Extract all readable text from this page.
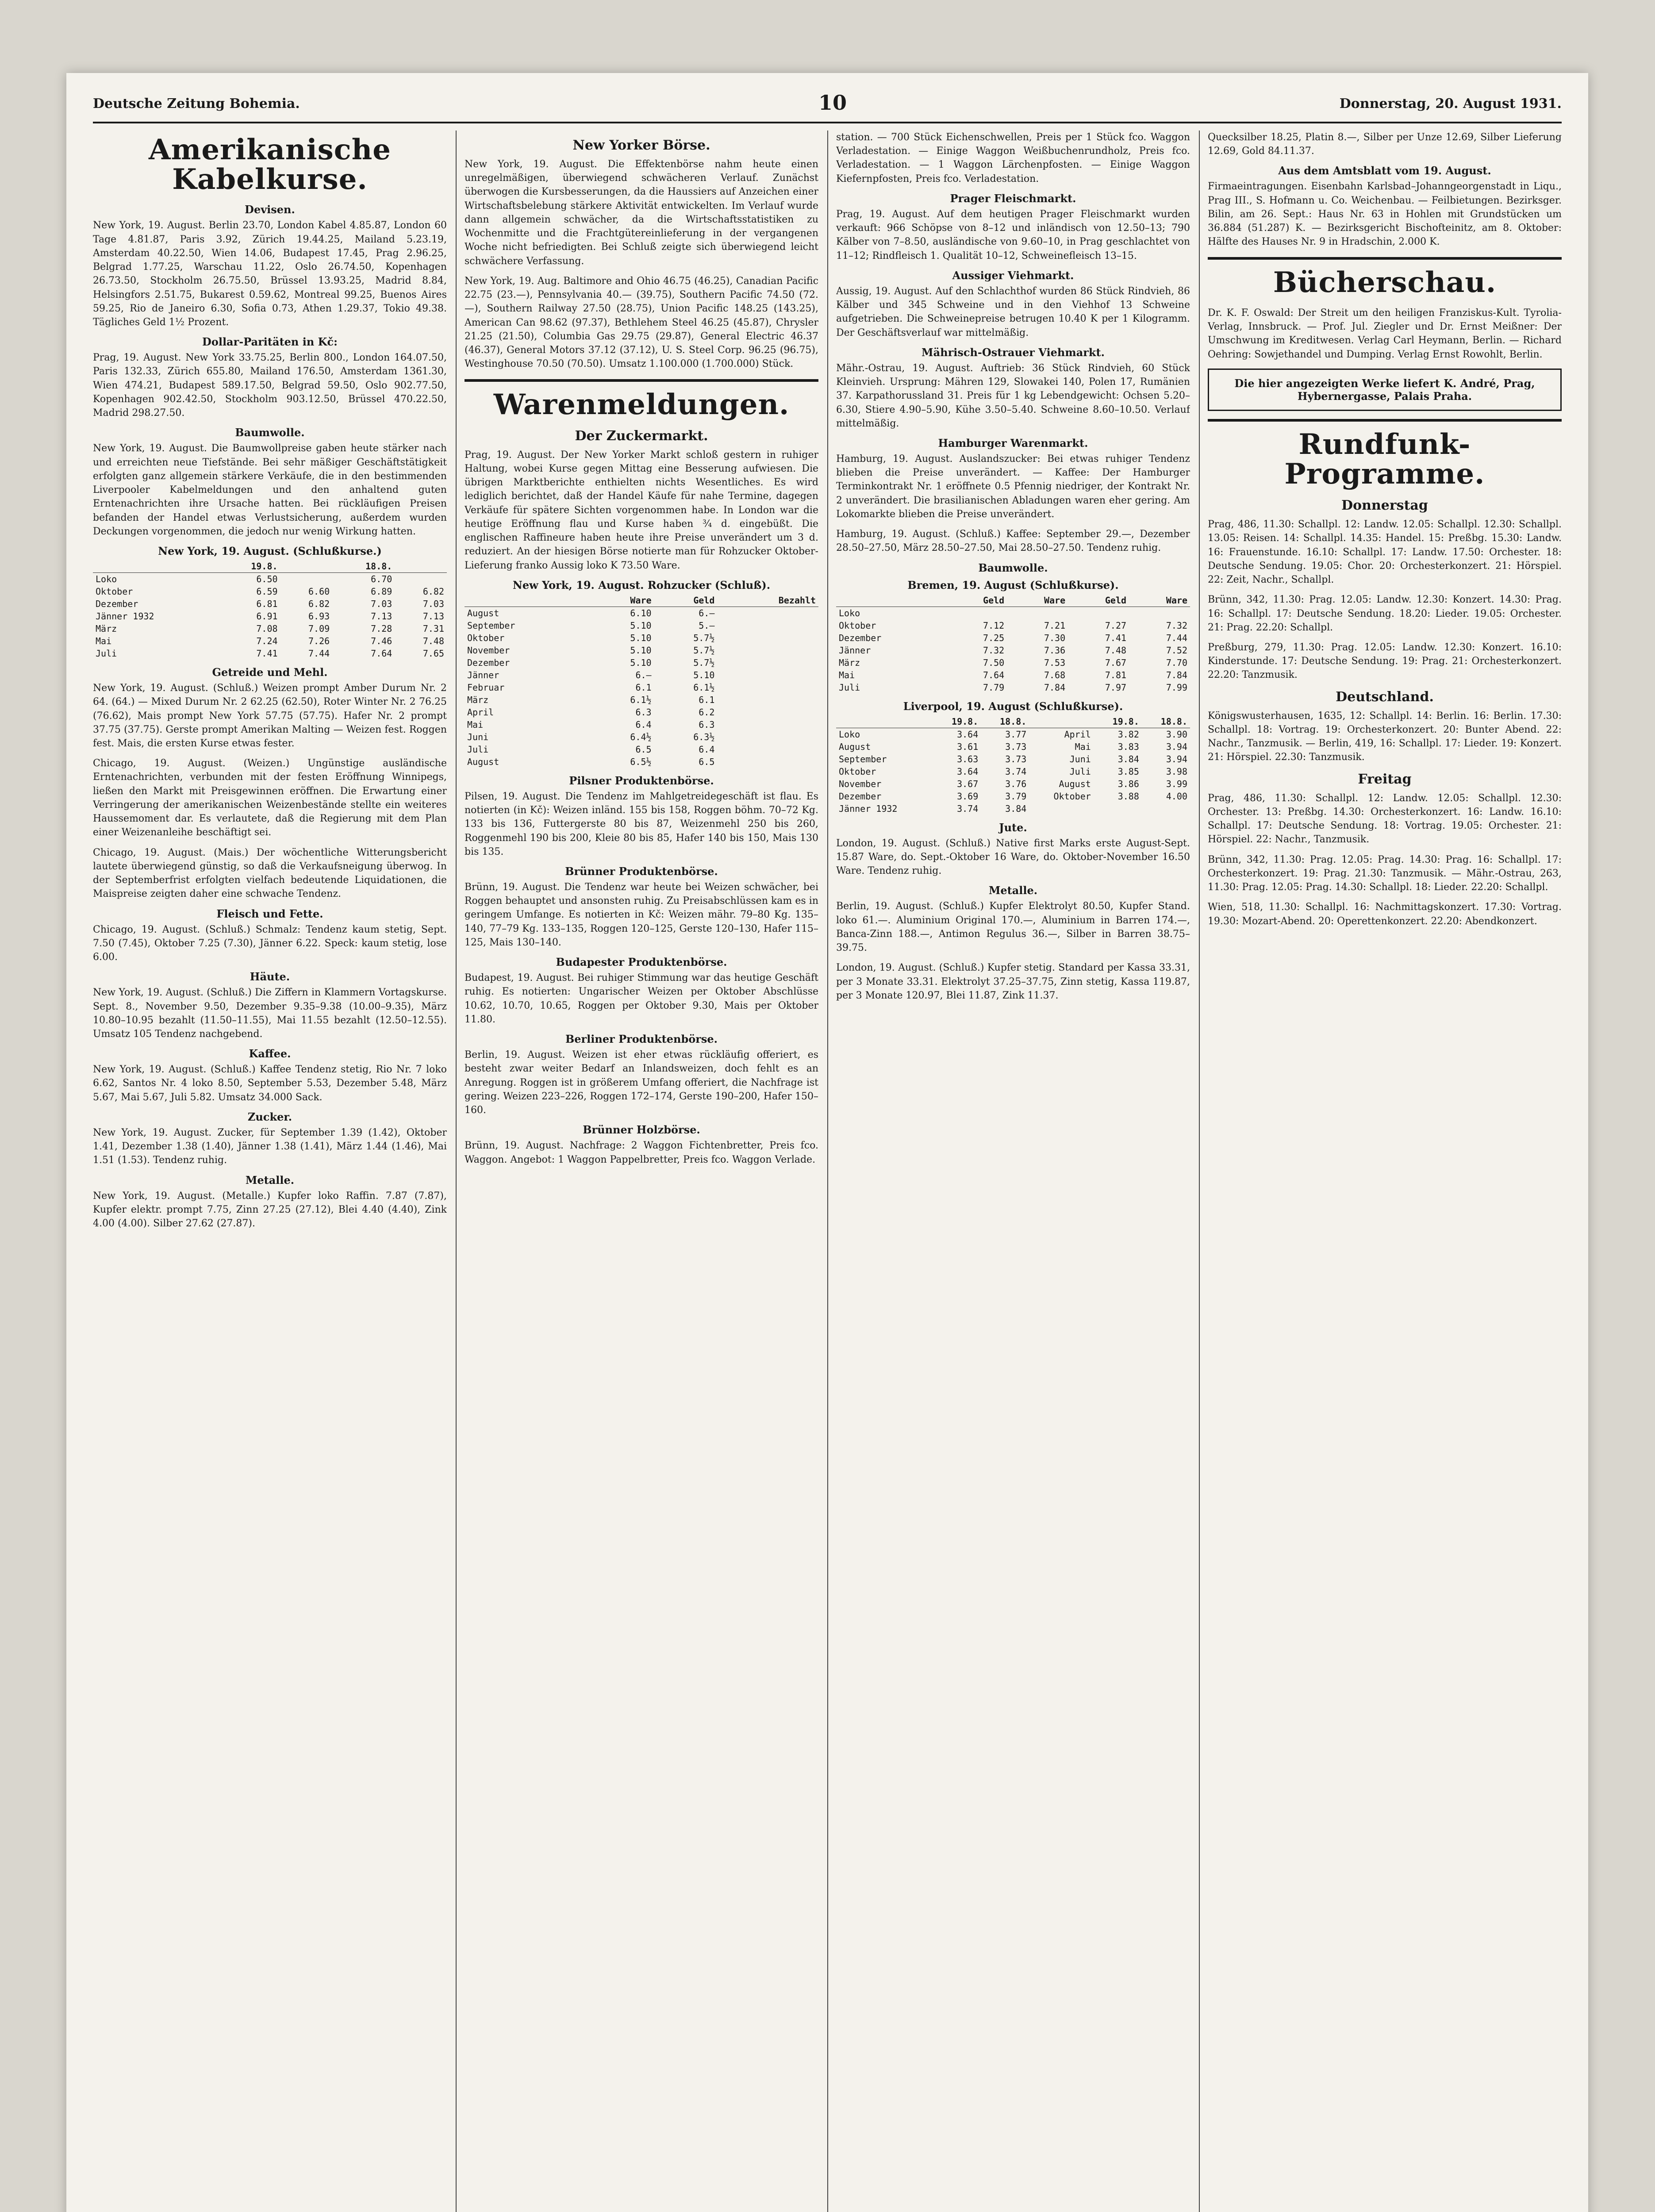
Deutsche Zeitung Bohemia.	10	Donnerstag, 20. August 1931.
Amerikanische Kabelkurse.
Devisen.

New York, 19. August. Berlin 23.70, London Kabel 4.85.87, London 60 Tage 4.81.87, Paris 3.92, Zürich 19.44.25, Mailand 5.23.19, Amsterdam 40.22.50, Wien 14.06, Budapest 17.45, Prag 2.96.25, Belgrad 1.77.25, Warschau 11.22, Oslo 26.74.50, Kopenhagen 26.73.50, Stockholm 26.75.50, Brüssel 13.93.25, Madrid 8.84, Helsingfors 2.51.75, Bukarest 0.59.62, Montreal 99.25, Buenos Aires 59.25, Rio de Janeiro 6.30, Sofia 0.73, Athen 1.29.37, Tokio 49.38. Tägliches Geld 1½ Prozent.

Dollar-Paritäten in Kč:

Prag, 19. August. New York 33.75.25, Berlin 800., London 164.07.50, Paris 132.33, Zürich 655.80, Mailand 176.50, Amsterdam 1361.30, Wien 474.21, Budapest 589.17.50, Belgrad 59.50, Oslo 902.77.50, Kopenhagen 902.42.50, Stockholm 903.12.50, Brüssel 470.22.50, Madrid 298.27.50.

Baumwolle.

New York, 19. August. Die Baumwollpreise gaben heute stärker nach und erreichten neue Tiefstände. Bei sehr mäßiger Geschäftstätigkeit erfolgten ganz allgemein stärkere Verkäufe, die in den bestimmenden Liverpooler Kabelmeldungen und den anhaltend guten Erntenachrichten ihre Ursache hatten. Bei rückläufigen Preisen befanden der Handel etwas Verlustsicherung, außerdem wurden Deckungen vorgenommen, die jedoch nur wenig Wirkung hatten.

New York, 19. August. (Schlußkurse.)
	19.8.		18.8.	
Loko	6.50		6.70	
Oktober	6.59	6.60	6.89	6.82
Dezember	6.81	6.82	7.03	7.03
Jänner 1932	6.91	6.93	7.13	7.13
März	7.08	7.09	7.28	7.31
Mai	7.24	7.26	7.46	7.48
Juli	7.41	7.44	7.64	7.65
Getreide und Mehl.

New York, 19. August. (Schluß.) Weizen prompt Amber Durum Nr. 2 64. (64.) — Mixed Durum Nr. 2 62.25 (62.50), Roter Winter Nr. 2 76.25 (76.62), Mais prompt New York 57.75 (57.75). Hafer Nr. 2 prompt 37.75 (37.75). Gerste prompt Amerikan Malting — Weizen fest. Roggen fest. Mais, die ersten Kurse etwas fester.

Chicago, 19. August. (Weizen.) Ungünstige ausländische Erntenachrichten, verbunden mit der festen Eröffnung Winnipegs, ließen den Markt mit Preisgewinnen eröffnen. Die Erwartung einer Verringerung der amerikanischen Weizenbestände stellte ein weiteres Haussemoment dar. Es verlautete, daß die Regierung mit dem Plan einer Weizenanleihe beschäftigt sei.

Chicago, 19. August. (Mais.) Der wöchentliche Witterungsbericht lautete überwiegend günstig, so daß die Verkaufsneigung überwog. In der Septemberfrist erfolgten vielfach bedeutende Liquidationen, die Maispreise zeigten daher eine schwache Tendenz.

Fleisch und Fette.

Chicago, 19. August. (Schluß.) Schmalz: Tendenz kaum stetig, Sept. 7.50 (7.45), Oktober 7.25 (7.30), Jänner 6.22. Speck: kaum stetig, lose 6.00.

Häute.

New York, 19. August. (Schluß.) Die Ziffern in Klammern Vortagskurse. Sept. 8., November 9.50, Dezember 9.35–9.38 (10.00–9.35), März 10.80–10.95 bezahlt (11.50–11.55), Mai 11.55 bezahlt (12.50–12.55). Umsatz 105 Tendenz nachgebend.

Kaffee.

New York, 19. August. (Schluß.) Kaffee Tendenz stetig, Rio Nr. 7 loko 6.62, Santos Nr. 4 loko 8.50, September 5.53, Dezember 5.48, März 5.67, Mai 5.67, Juli 5.82. Umsatz 34.000 Sack.

Zucker.

New York, 19. August. Zucker, für September 1.39 (1.42), Oktober 1.41, Dezember 1.38 (1.40), Jänner 1.38 (1.41), März 1.44 (1.46), Mai 1.51 (1.53). Tendenz ruhig.

Metalle.

New York, 19. August. (Metalle.) Kupfer loko Raffin. 7.87 (7.87), Kupfer elektr. prompt 7.75, Zinn 27.25 (27.12), Blei 4.40 (4.40), Zink 4.00 (4.00). Silber 27.62 (27.87).

New Yorker Börse.

New York, 19. August. Die Effektenbörse nahm heute einen unregelmäßigen, überwiegend schwächeren Verlauf. Zunächst überwogen die Kursbesserungen, da die Haussiers auf Anzeichen einer Wirtschaftsbelebung stärkere Aktivität entwickelten. Im Verlauf wurde dann allgemein schwächer, da die Wirtschaftsstatistiken zu Wochenmitte und die Frachtgütereinlieferung in der vergangenen Woche nicht befriedigten. Bei Schluß zeigte sich überwiegend leicht schwächere Verfassung.

New York, 19. Aug. Baltimore and Ohio 46.75 (46.25), Canadian Pacific 22.75 (23.—), Pennsylvania 40.— (39.75), Southern Pacific 74.50 (72.—), Southern Railway 27.50 (28.75), Union Pacific 148.25 (143.25), American Can 98.62 (97.37), Bethlehem Steel 46.25 (45.87), Chrysler 21.25 (21.50), Columbia Gas 29.75 (29.87), General Electric 46.37 (46.37), General Motors 37.12 (37.12), U. S. Steel Corp. 96.25 (96.75), Westinghouse 70.50 (70.50). Umsatz 1.100.000 (1.700.000) Stück.

Warenmeldungen.
Der Zuckermarkt.

Prag, 19. August. Der New Yorker Markt schloß gestern in ruhiger Haltung, wobei Kurse gegen Mittag eine Besserung aufwiesen. Die übrigen Marktberichte enthielten nichts Wesentliches. Es wird lediglich berichtet, daß der Handel Käufe für nahe Termine, dagegen Verkäufe für spätere Sichten vorgenommen habe. In London war die heutige Eröffnung flau und Kurse haben ¾ d. eingebüßt. Die englischen Raffineure haben heute ihre Preise unverändert um 3 d. reduziert. An der hiesigen Börse notierte man für Rohzucker Oktober-Lieferung franko Aussig loko K 73.50 Ware.

New York, 19. August. Rohzucker (Schluß).
	Ware	Geld	Bezahlt
August	6.10	6.—	
September	5.10	5.—	
Oktober	5.10	5.7½	
November	5.10	5.7½	
Dezember	5.10	5.7½	
Jänner	6.—	5.10	
Februar	6.1	6.1½	
März	6.1½	6.1	
April	6.3	6.2	
Mai	6.4	6.3	
Juni	6.4½	6.3½	
Juli	6.5	6.4	
August	6.5½	6.5	
Pilsner Produktenbörse.

Pilsen, 19. August. Die Tendenz im Mahlgetreidegeschäft ist flau. Es notierten (in Kč): Weizen inländ. 155 bis 158, Roggen böhm. 70–72 Kg. 133 bis 136, Futtergerste 80 bis 87, Weizenmehl 250 bis 260, Roggenmehl 190 bis 200, Kleie 80 bis 85, Hafer 140 bis 150, Mais 130 bis 135.

Brünner Produktenbörse.

Brünn, 19. August. Die Tendenz war heute bei Weizen schwächer, bei Roggen behauptet und ansonsten ruhig. Zu Preisabschlüssen kam es in geringem Umfange. Es notierten in Kč: Weizen mähr. 79–80 Kg. 135–140, 77–79 Kg. 133–135, Roggen 120–125, Gerste 120–130, Hafer 115–125, Mais 130–140.

Budapester Produktenbörse.

Budapest, 19. August. Bei ruhiger Stimmung war das heutige Geschäft ruhig. Es notierten: Ungarischer Weizen per Oktober Abschlüsse 10.62, 10.70, 10.65, Roggen per Oktober 9.30, Mais per Oktober 11.80.

Berliner Produktenbörse.

Berlin, 19. August. Weizen ist eher etwas rückläufig offeriert, es besteht zwar weiter Bedarf an Inlandsweizen, doch fehlt es an Anregung. Roggen ist in größerem Umfang offeriert, die Nachfrage ist gering. Weizen 223–226, Roggen 172–174, Gerste 190–200, Hafer 150–160.

Brünner Holzbörse.

Brünn, 19. August. Nachfrage: 2 Waggon Fichtenbretter, Preis fco. Waggon. Angebot: 1 Waggon Pappelbretter, Preis fco. Waggon Verlade.

station. — 700 Stück Eichenschwellen, Preis per 1 Stück fco. Waggon Verladestation. — Einige Waggon Weißbuchenrundholz, Preis fco. Verladestation. — 1 Waggon Lärchenpfosten. — Einige Waggon Kiefernpfosten, Preis fco. Verladestation.

Prager Fleischmarkt.

Prag, 19. August. Auf dem heutigen Prager Fleischmarkt wurden verkauft: 966 Schöpse von 8–12 und inländisch von 12.50–13; 790 Kälber von 7–8.50, ausländische von 9.60–10, in Prag geschlachtet von 11–12; Rindfleisch 1. Qualität 10–12, Schweinefleisch 13–15.

Aussiger Viehmarkt.

Aussig, 19. August. Auf den Schlachthof wurden 86 Stück Rindvieh, 86 Kälber und 345 Schweine und in den Viehhof 13 Schweine aufgetrieben. Die Schweinepreise betrugen 10.40 K per 1 Kilogramm. Der Geschäftsverlauf war mittelmäßig.

Mährisch-Ostrauer Viehmarkt.

Mähr.-Ostrau, 19. August. Auftrieb: 36 Stück Rindvieh, 60 Stück Kleinvieh. Ursprung: Mähren 129, Slowakei 140, Polen 17, Rumänien 37. Karpathorussland 31. Preis für 1 kg Lebendgewicht: Ochsen 5.20–6.30, Stiere 4.90–5.90, Kühe 3.50–5.40. Schweine 8.60–10.50. Verlauf mittelmäßig.

Hamburger Warenmarkt.

Hamburg, 19. August. Auslandszucker: Bei etwas ruhiger Tendenz blieben die Preise unverändert. — Kaffee: Der Hamburger Terminkontrakt Nr. 1 eröffnete 0.5 Pfennig niedriger, der Kontrakt Nr. 2 unverändert. Die brasilianischen Abladungen waren eher gering. Am Lokomarkte blieben die Preise unverändert.

Hamburg, 19. August. (Schluß.) Kaffee: September 29.—, Dezember 28.50–27.50, März 28.50–27.50, Mai 28.50–27.50. Tendenz ruhig.

Baumwolle.
Bremen, 19. August (Schlußkurse).
	Geld	Ware	Geld	Ware
Loko				
Oktober	7.12	7.21	7.27	7.32
Dezember	7.25	7.30	7.41	7.44
Jänner	7.32	7.36	7.48	7.52
März	7.50	7.53	7.67	7.70
Mai	7.64	7.68	7.81	7.84
Juli	7.79	7.84	7.97	7.99
Liverpool, 19. August (Schlußkurse).
	19.8.	18.8.		19.8.	18.8.
Loko	3.64	3.77	April	3.82	3.90
August	3.61	3.73	Mai	3.83	3.94
September	3.63	3.73	Juni	3.84	3.94
Oktober	3.64	3.74	Juli	3.85	3.98
November	3.67	3.76	August	3.86	3.99
Dezember	3.69	3.79	Oktober	3.88	4.00
Jänner 1932	3.74	3.84			
Jute.

London, 19. August. (Schluß.) Native first Marks erste August-Sept. 15.87 Ware, do. Sept.-Oktober 16 Ware, do. Oktober-November 16.50 Ware. Tendenz ruhig.

Metalle.

Berlin, 19. August. (Schluß.) Kupfer Elektrolyt 80.50, Kupfer Stand. loko 61.—. Aluminium Original 170.—, Aluminium in Barren 174.—, Banca-Zinn 188.—, Antimon Regulus 36.—, Silber in Barren 38.75–39.75.

London, 19. August. (Schluß.) Kupfer stetig. Standard per Kassa 33.31, per 3 Monate 33.31. Elektrolyt 37.25–37.75, Zinn stetig, Kassa 119.87, per 3 Monate 120.97, Blei 11.87, Zink 11.37.

Quecksilber 18.25, Platin 8.—, Silber per Unze 12.69, Silber Lieferung 12.69, Gold 84.11.37.

Aus dem Amtsblatt vom 19. August.

Firmaeintragungen. Eisenbahn Karlsbad–Johanngeorgenstadt in Liqu., Prag III., S. Hofmann u. Co. Weichenbau. — Feilbietungen. Bezirksger. Bilin, am 26. Sept.: Haus Nr. 63 in Hohlen mit Grundstücken um 36.884 (51.287) K. — Bezirksgericht Bischofteinitz, am 8. Oktober: Hälfte des Hauses Nr. 9 in Hradschin, 2.000 K.

Bücherschau.

Dr. K. F. Oswald: Der Streit um den heiligen Franziskus-Kult. Tyrolia-Verlag, Innsbruck. — Prof. Jul. Ziegler und Dr. Ernst Meißner: Der Umschwung im Kreditwesen. Verlag Carl Heymann, Berlin. — Richard Oehring: Sowjethandel und Dumping. Verlag Ernst Rowohlt, Berlin.

Die hier angezeigten Werke liefert K. André, Prag, Hybernergasse, Palais Praha.
Rundfunk-Programme.
Donnerstag

Prag, 486, 11.30: Schallpl. 12: Landw. 12.05: Schallpl. 12.30: Schallpl. 13.05: Reisen. 14: Schallpl. 14.35: Handel. 15: Preßbg. 15.30: Landw. 16: Frauenstunde. 16.10: Schallpl. 17: Landw. 17.50: Orchester. 18: Deutsche Sendung. 19.05: Chor. 20: Orchesterkonzert. 21: Hörspiel. 22: Zeit, Nachr., Schallpl.

Brünn, 342, 11.30: Prag. 12.05: Landw. 12.30: Konzert. 14.30: Prag. 16: Schallpl. 17: Deutsche Sendung. 18.20: Lieder. 19.05: Orchester. 21: Prag. 22.20: Schallpl.

Preßburg, 279, 11.30: Prag. 12.05: Landw. 12.30: Konzert. 16.10: Kinderstunde. 17: Deutsche Sendung. 19: Prag. 21: Orchesterkonzert. 22.20: Tanzmusik.

Deutschland.

Königswusterhausen, 1635, 12: Schallpl. 14: Berlin. 16: Berlin. 17.30: Schallpl. 18: Vortrag. 19: Orchesterkonzert. 20: Bunter Abend. 22: Nachr., Tanzmusik. — Berlin, 419, 16: Schallpl. 17: Lieder. 19: Konzert. 21: Hörspiel. 22.30: Tanzmusik.

Freitag

Prag, 486, 11.30: Schallpl. 12: Landw. 12.05: Schallpl. 12.30: Orchester. 13: Preßbg. 14.30: Orchesterkonzert. 16: Landw. 16.10: Schallpl. 17: Deutsche Sendung. 18: Vortrag. 19.05: Orchester. 21: Hörspiel. 22: Nachr., Tanzmusik.

Brünn, 342, 11.30: Prag. 12.05: Prag. 14.30: Prag. 16: Schallpl. 17: Orchesterkonzert. 19: Prag. 21.30: Tanzmusik. — Mähr.-Ostrau, 263, 11.30: Prag. 12.05: Prag. 14.30: Schallpl. 18: Lieder. 22.20: Schallpl.

Wien, 518, 11.30: Schallpl. 16: Nachmittagskonzert. 17.30: Vortrag. 19.30: Mozart-Abend. 20: Operettenkonzert. 22.20: Abendkonzert.
